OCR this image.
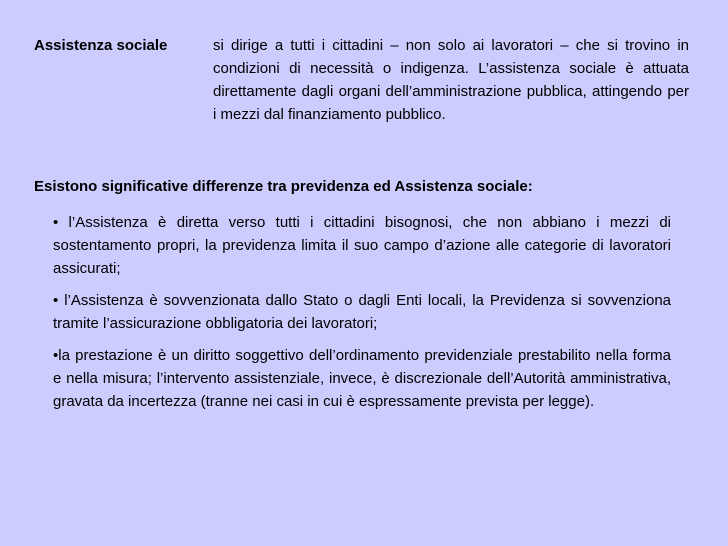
Assistenza sociale	si dirige a tutti i cittadini – non solo ai lavoratori – che si trovino in condizioni di necessità o indigenza. L’assistenza sociale è attuata direttamente dagli organi dell’amministrazione pubblica, attingendo per i mezzi dal finanziamento pubblico.

Esistono significative differenze tra previdenza ed Assistenza sociale:

• l’Assistenza è diretta verso tutti i cittadini bisognosi, che non abbiano i mezzi di sostentamento propri, la previdenza limita il suo campo d’azione alle categorie di lavoratori assicurati;
• l’Assistenza è sovvenzionata dallo Stato o dagli Enti locali, la Previdenza si sovvenziona tramite l’assicurazione obbligatoria dei lavoratori;
•la prestazione è un diritto soggettivo dell’ordinamento previdenziale prestabilito nella forma e nella misura; l’intervento assistenziale, invece, è discrezionale dell’Autorità amministrativa, gravata da incertezza (tranne nei casi in cui è espressamente prevista per legge).
